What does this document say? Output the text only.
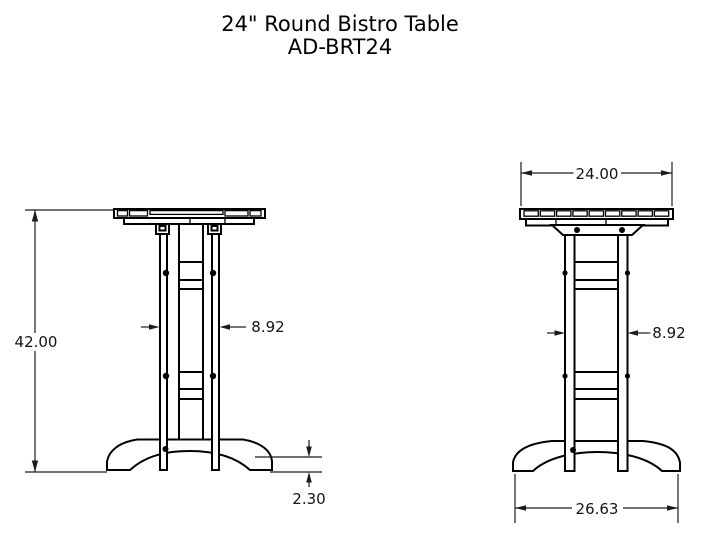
24" Round Bistro Table
AD-BRT24
42.00
8.92
2.30
24.00
8.92
26.63
